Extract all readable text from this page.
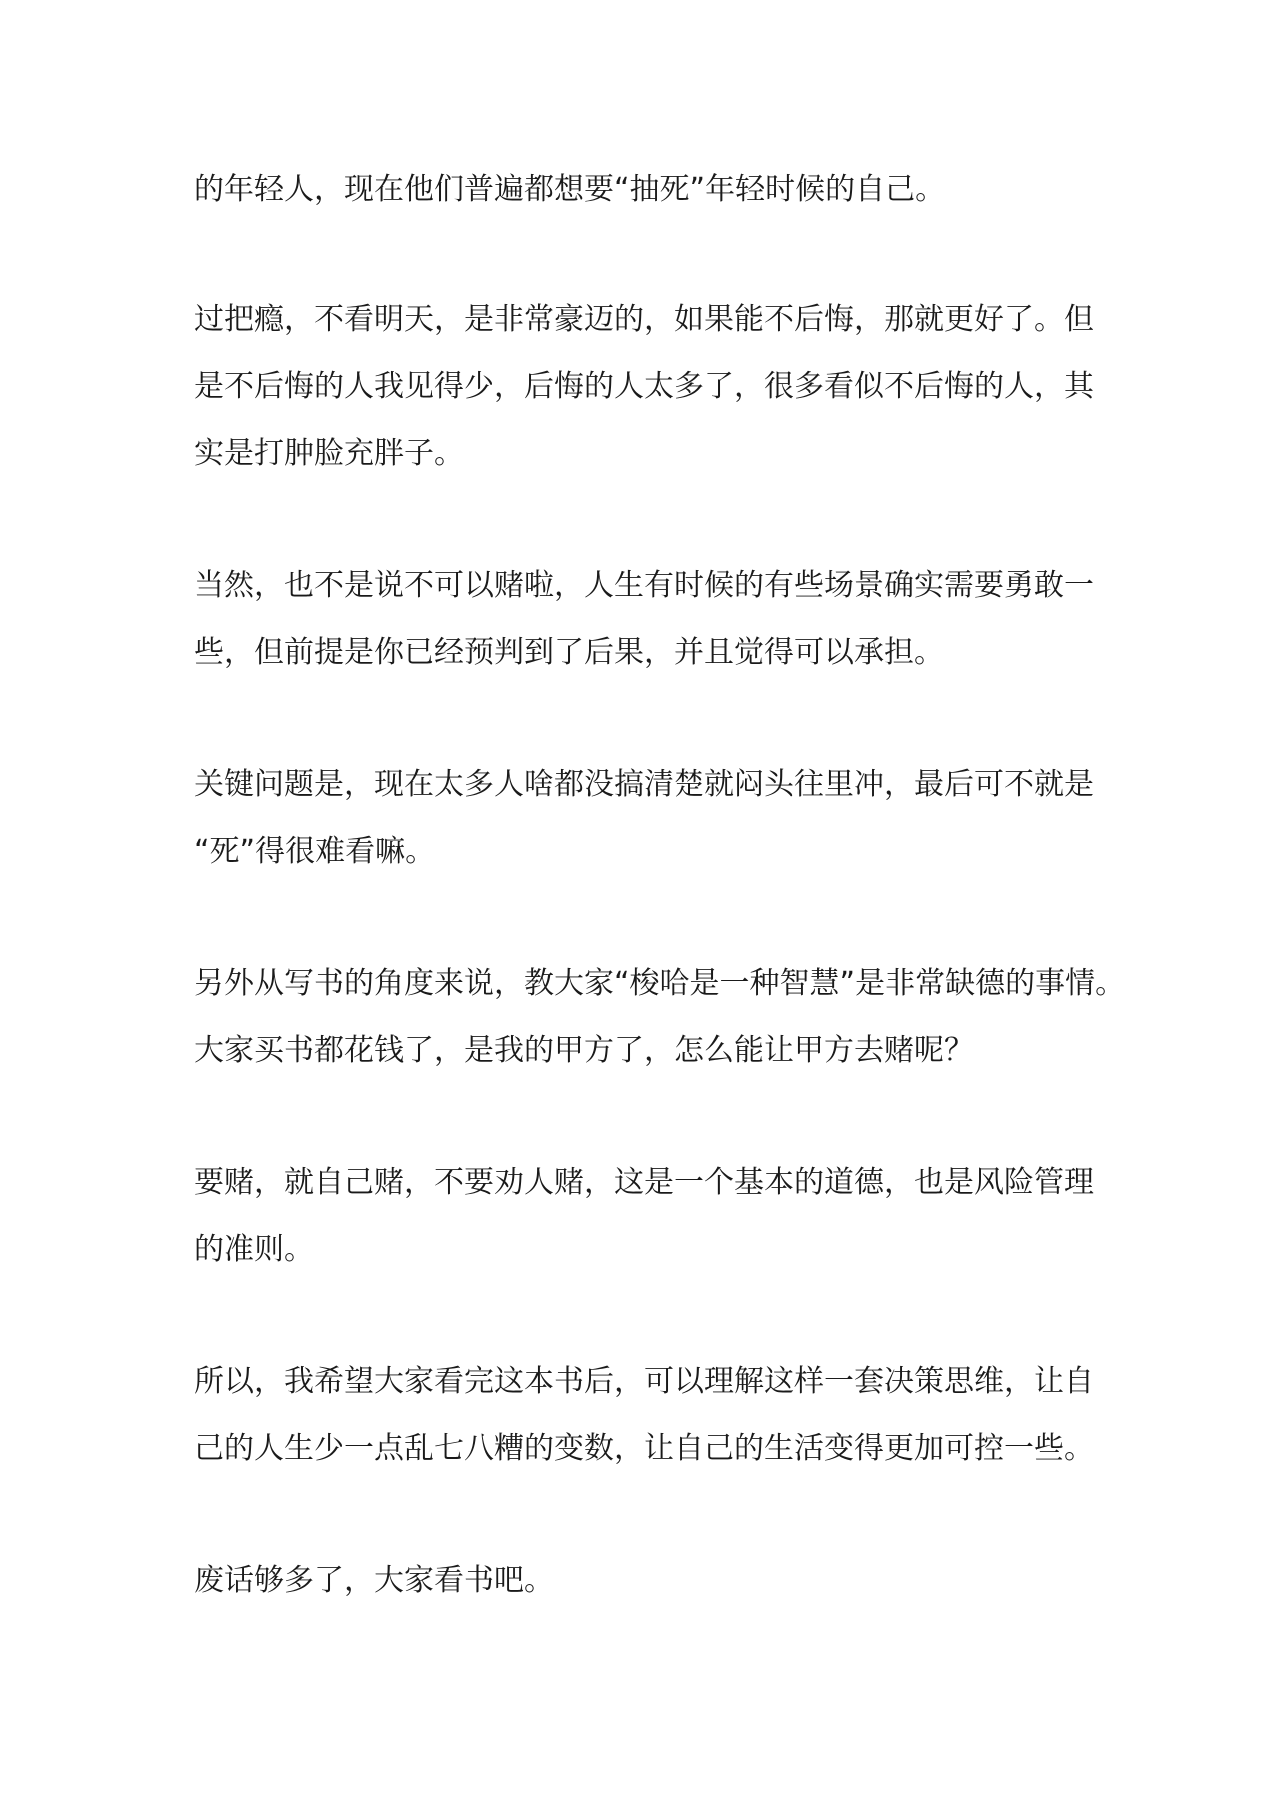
的年轻人，现在他们普遍都想要“抽死”年轻时候的自己。

过把瘾，不看明天，是非常豪迈的，如果能不后悔，那就更好了。但

是不后悔的人我见得少，后悔的人太多了，很多看似不后悔的人，其

实是打肿脸充胖子。

当然，也不是说不可以赌啦，人生有时候的有些场景确实需要勇敢一

些，但前提是你已经预判到了后果，并且觉得可以承担。

关键问题是，现在太多人啥都没搞清楚就闷头往里冲，最后可不就是

“死”得很难看嘛。

另外从写书的角度来说，教大家“梭哈是一种智慧”是非常缺德的事情。

大家买书都花钱了，是我的甲方了，怎么能让甲方去赌呢？

要赌，就自己赌，不要劝人赌，这是一个基本的道德，也是风险管理

的准则。

所以，我希望大家看完这本书后，可以理解这样一套决策思维，让自

己的人生少一点乱七八糟的变数，让自己的生活变得更加可控一些。

废话够多了，大家看书吧。
